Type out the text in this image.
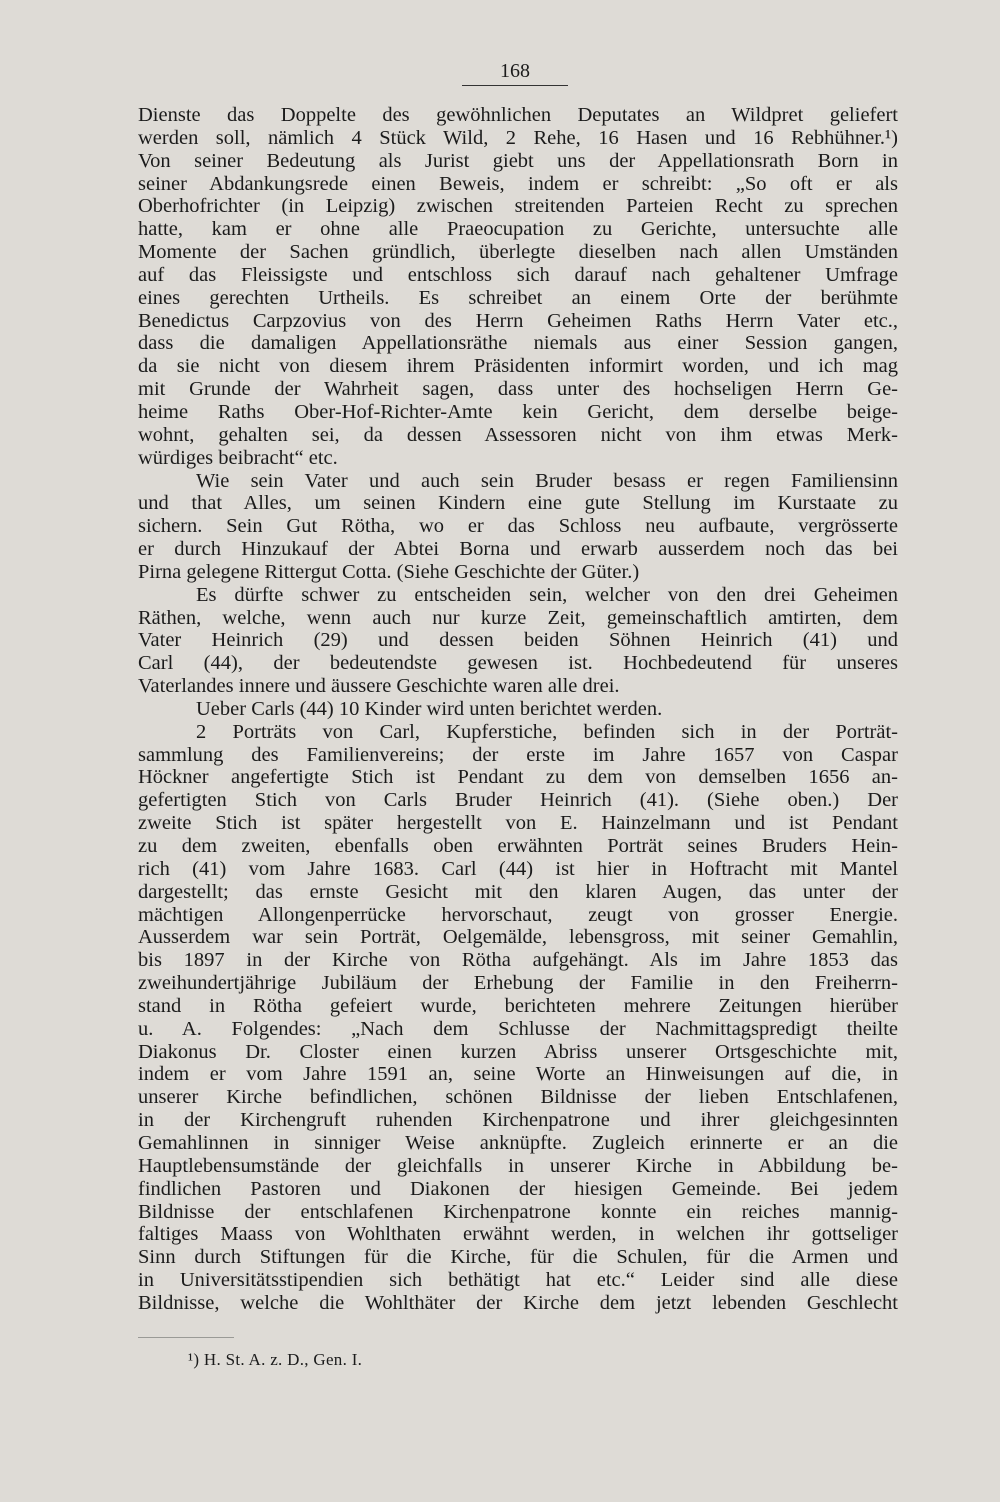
168
Dienste das Doppelte des gewöhnlichen Deputates an Wildpret geliefert
werden soll, nämlich 4 Stück Wild, 2 Rehe, 16 Hasen und 16 Rebhühner.¹)
Von seiner Bedeutung als Jurist giebt uns der Appellationsrath Born in
seiner Abdankungsrede einen Beweis, indem er schreibt: „So oft er als
Oberhofrichter (in Leipzig) zwischen streitenden Parteien Recht zu sprechen
hatte, kam er ohne alle Praeocupation zu Gerichte, untersuchte alle
Momente der Sachen gründlich, überlegte dieselben nach allen Umständen
auf das Fleissigste und entschloss sich darauf nach gehaltener Umfrage
eines gerechten Urtheils. Es schreibet an einem Orte der berühmte
Benedictus Carpzovius von des Herrn Geheimen Raths Herrn Vater etc.,
dass die damaligen Appellationsräthe niemals aus einer Session gangen,
da sie nicht von diesem ihrem Präsidenten informirt worden, und ich mag
mit Grunde der Wahrheit sagen, dass unter des hochseligen Herrn Ge-
heime Raths Ober-Hof-Richter-Amte kein Gericht, dem derselbe beige-
wohnt, gehalten sei, da dessen Assessoren nicht von ihm etwas Merk-
würdiges beibracht“ etc.
Wie sein Vater und auch sein Bruder besass er regen Familiensinn
und that Alles, um seinen Kindern eine gute Stellung im Kurstaate zu
sichern. Sein Gut Rötha, wo er das Schloss neu aufbaute, vergrösserte
er durch Hinzukauf der Abtei Borna und erwarb ausserdem noch das bei
Pirna gelegene Rittergut Cotta. (Siehe Geschichte der Güter.)
Es dürfte schwer zu entscheiden sein, welcher von den drei Geheimen
Räthen, welche, wenn auch nur kurze Zeit, gemeinschaftlich amtirten, dem
Vater Heinrich (29) und dessen beiden Söhnen Heinrich (41) und
Carl (44), der bedeutendste gewesen ist. Hochbedeutend für unseres
Vaterlandes innere und äussere Geschichte waren alle drei.
Ueber Carls (44) 10 Kinder wird unten berichtet werden.
2 Porträts von Carl, Kupferstiche, befinden sich in der Porträt-
sammlung des Familienvereins; der erste im Jahre 1657 von Caspar
Höckner angefertigte Stich ist Pendant zu dem von demselben 1656 an-
gefertigten Stich von Carls Bruder Heinrich (41). (Siehe oben.) Der
zweite Stich ist später hergestellt von E. Hainzelmann und ist Pendant
zu dem zweiten, ebenfalls oben erwähnten Porträt seines Bruders Hein-
rich (41) vom Jahre 1683. Carl (44) ist hier in Hoftracht mit Mantel
dargestellt; das ernste Gesicht mit den klaren Augen, das unter der
mächtigen Allongenperrücke hervorschaut, zeugt von grosser Energie.
Ausserdem war sein Porträt, Oelgemälde, lebensgross, mit seiner Gemahlin,
bis 1897 in der Kirche von Rötha aufgehängt. Als im Jahre 1853 das
zweihundertjährige Jubiläum der Erhebung der Familie in den Freiherrn-
stand in Rötha gefeiert wurde, berichteten mehrere Zeitungen hierüber
u. A. Folgendes: „Nach dem Schlusse der Nachmittagspredigt theilte
Diakonus Dr. Closter einen kurzen Abriss unserer Ortsgeschichte mit,
indem er vom Jahre 1591 an, seine Worte an Hinweisungen auf die, in
unserer Kirche befindlichen, schönen Bildnisse der lieben Entschlafenen,
in der Kirchengruft ruhenden Kirchenpatrone und ihrer gleichgesinnten
Gemahlinnen in sinniger Weise anknüpfte. Zugleich erinnerte er an die
Hauptlebensumstände der gleichfalls in unserer Kirche in Abbildung be-
findlichen Pastoren und Diakonen der hiesigen Gemeinde. Bei jedem
Bildnisse der entschlafenen Kirchenpatrone konnte ein reiches mannig-
faltiges Maass von Wohlthaten erwähnt werden, in welchen ihr gottseliger
Sinn durch Stiftungen für die Kirche, für die Schulen, für die Armen und
in Universitätsstipendien sich bethätigt hat etc.“ Leider sind alle diese
Bildnisse, welche die Wohlthäter der Kirche dem jetzt lebenden Geschlecht
¹) H. St. A. z. D., Gen. I.
